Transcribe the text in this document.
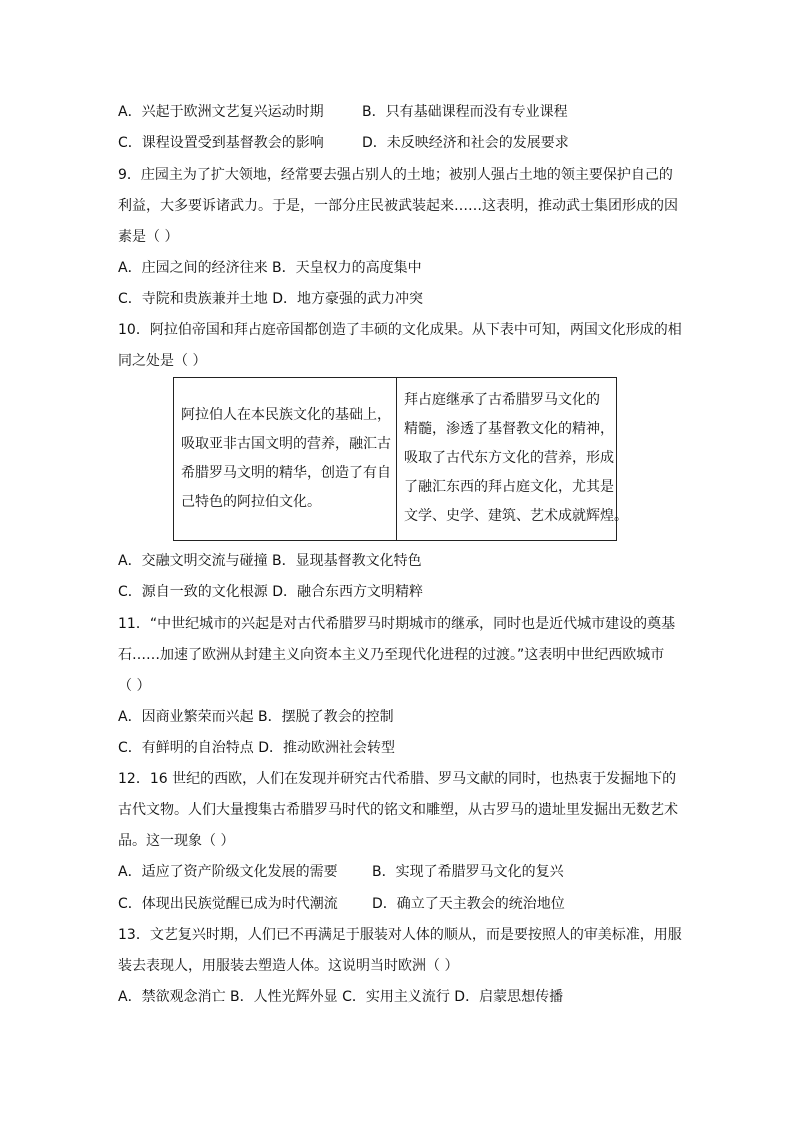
A．兴起于欧洲文艺复兴运动时期	B．只有基础课程而没有专业课程
C．课程设置受到基督教会的影响	D．未反映经济和社会的发展要求
9．庄园主为了扩大领地，经常要去强占别人的土地；被别人强占土地的领主要保护自己的
利益，大多要诉诸武力。于是，一部分庄民被武装起来……这表明，推动武士集团形成的因
素是（ ）
A．庄园之间的经济往来 B．天皇权力的高度集中
C．寺院和贵族兼并土地 D．地方豪强的武力冲突
10．阿拉伯帝国和拜占庭帝国都创造了丰硕的文化成果。从下表中可知，两国文化形成的相
同之处是（ ）
阿拉伯人在本民族文化的基础上，
吸取亚非古国文明的营养，融汇古
希腊罗马文明的精华，创造了有自
己特色的阿拉伯文化。
拜占庭继承了古希腊罗马文化的
精髓，渗透了基督教文化的精神，
吸取了古代东方文化的营养，形成
了融汇东西的拜占庭文化，尤其是
文学、史学、建筑、艺术成就辉煌。
A．交融文明交流与碰撞 B．显现基督教文化特色
C．源自一致的文化根源 D．融合东西方文明精粹
11．“中世纪城市的兴起是对古代希腊罗马时期城市的继承，同时也是近代城市建设的奠基
石……加速了欧洲从封建主义向资本主义乃至现代化进程的过渡。”这表明中世纪西欧城市
（ ）
A．因商业繁荣而兴起 B．摆脱了教会的控制
C．有鲜明的自治特点 D．推动欧洲社会转型
12．16 世纪的西欧，人们在发现并研究古代希腊、罗马文献的同时，也热衷于发掘地下的
古代文物。人们大量搜集古希腊罗马时代的铭文和雕塑，从古罗马的遗址里发掘出无数艺术
品。这一现象（ ）
A．适应了资产阶级文化发展的需要 B．实现了希腊罗马文化的复兴
C．体现出民族觉醒已成为时代潮流 D．确立了天主教会的统治地位
13．文艺复兴时期，人们已不再满足于服装对人体的顺从，而是要按照人的审美标准，用服
装去表现人，用服装去塑造人体。这说明当时欧洲（ ）
A．禁欲观念消亡 B．人性光辉外显 C．实用主义流行 D．启蒙思想传播
